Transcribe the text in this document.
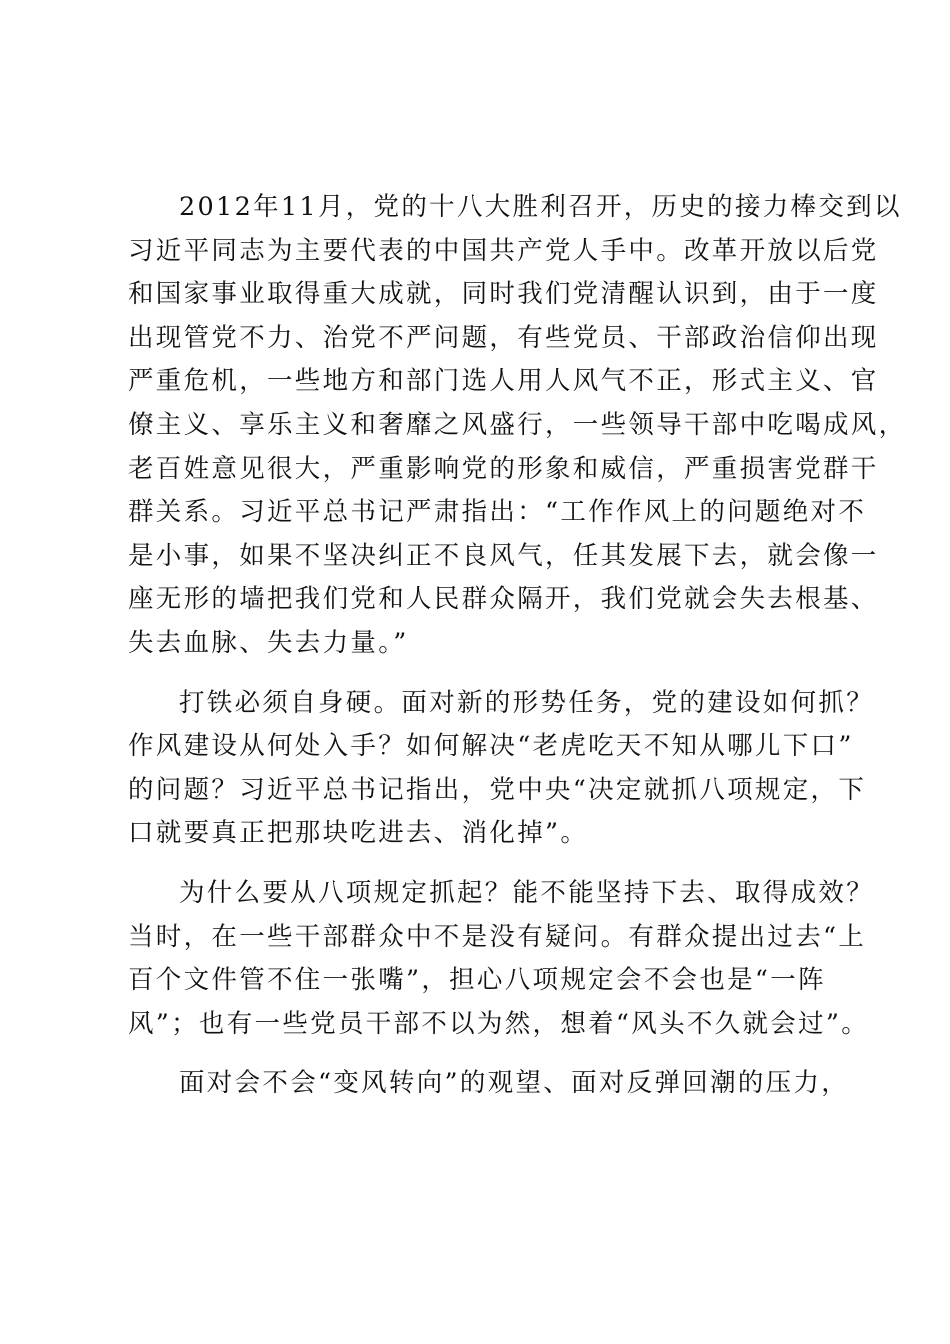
2012年11月，党的十八大胜利召开，历史的接力棒交到以
习近平同志为主要代表的中国共产党人手中。改革开放以后党
和国家事业取得重大成就，同时我们党清醒认识到，由于一度
出现管党不力、治党不严问题，有些党员、干部政治信仰出现
严重危机，一些地方和部门选人用人风气不正，形式主义、官
僚主义、享乐主义和奢靡之风盛行，一些领导干部中吃喝成风，
老百姓意见很大，严重影响党的形象和威信，严重损害党群干
群关系。习近平总书记严肃指出：“工作作风上的问题绝对不
是小事，如果不坚决纠正不良风气，任其发展下去，就会像一
座无形的墙把我们党和人民群众隔开，我们党就会失去根基、
失去血脉、失去力量。”
打铁必须自身硬。面对新的形势任务，党的建设如何抓？
作风建设从何处入手？如何解决“老虎吃天不知从哪儿下口”
的问题？习近平总书记指出，党中央“决定就抓八项规定，下
口就要真正把那块吃进去、消化掉”。
为什么要从八项规定抓起？能不能坚持下去、取得成效？
当时，在一些干部群众中不是没有疑问。有群众提出过去“上
百个文件管不住一张嘴”，担心八项规定会不会也是“一阵
风”；也有一些党员干部不以为然，想着“风头不久就会过”。
面对会不会“变风转向”的观望、面对反弹回潮的压力，
